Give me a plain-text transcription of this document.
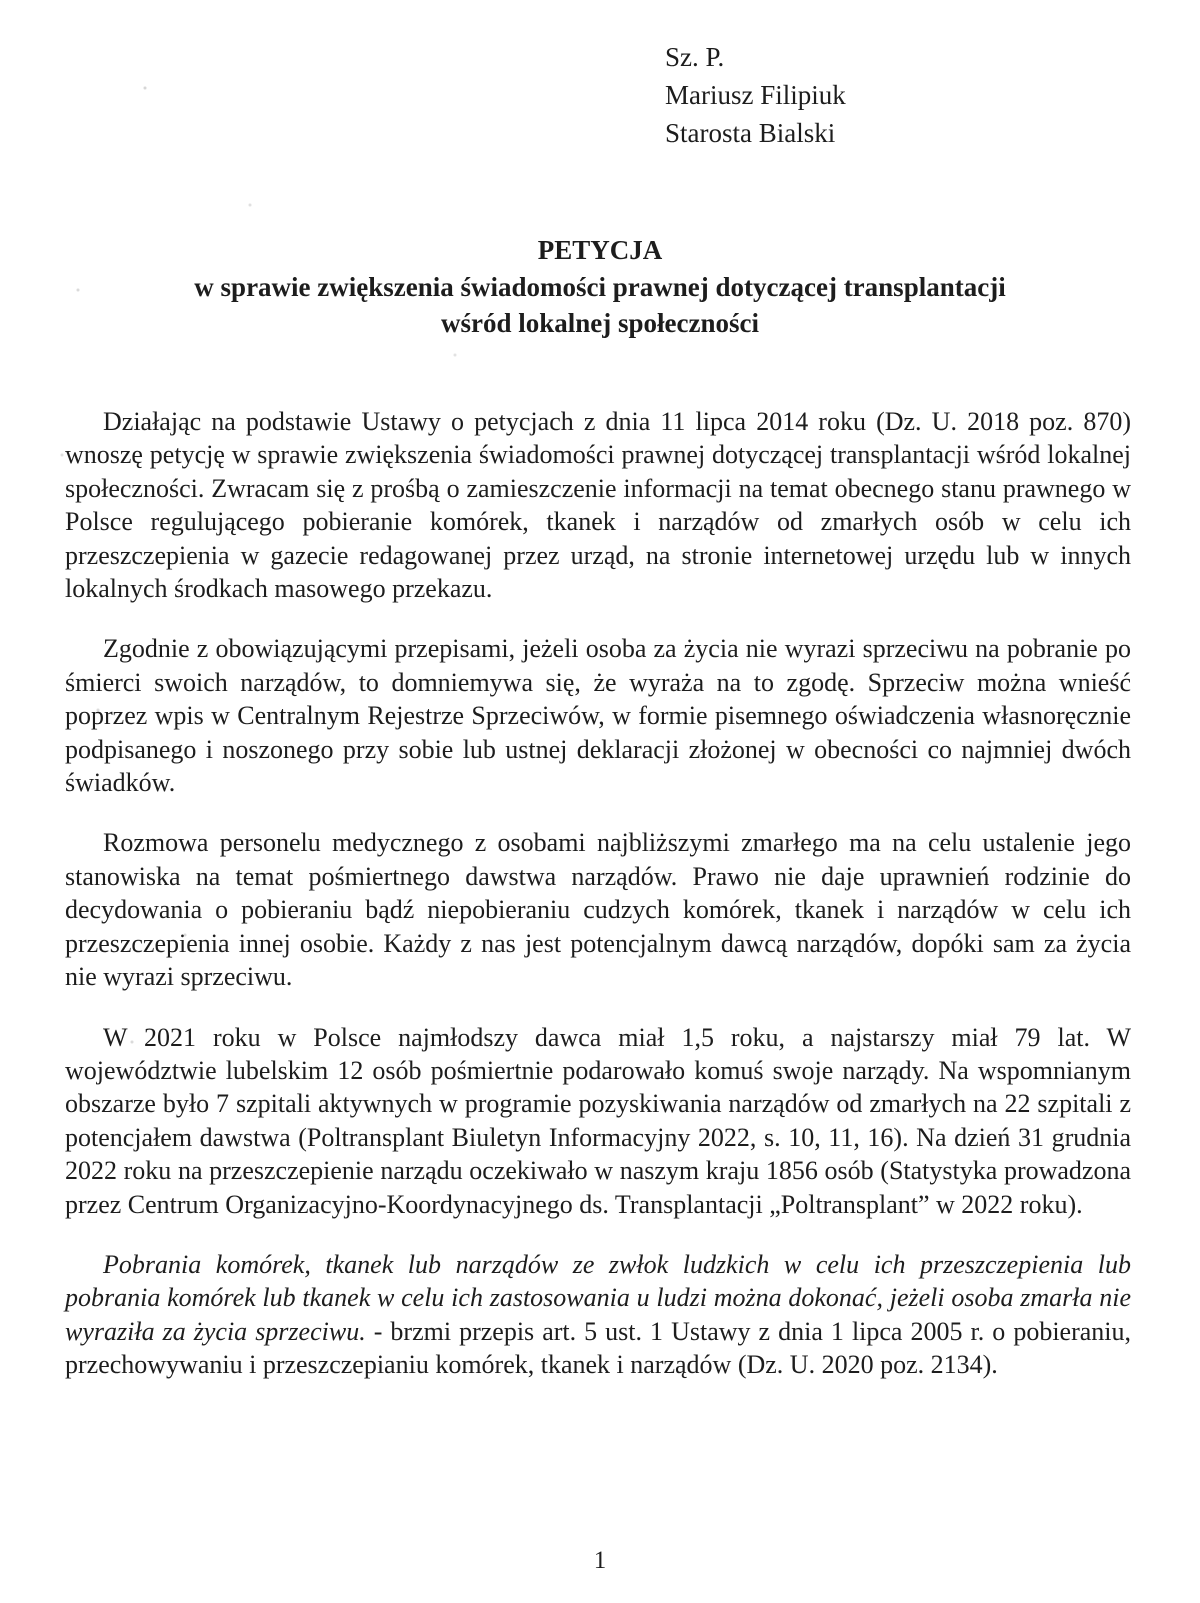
Sz. P.
Mariusz Filipiuk
Starosta Bialski
PETYCJA
w sprawie zwiększenia świadomości prawnej dotyczącej transplantacji
wśród lokalnej społeczności

Działając na podstawie Ustawy o petycjach z dnia 11 lipca 2014 roku (Dz. U. 2018 poz. 870) wnoszę petycję w sprawie zwiększenia świadomości prawnej dotyczącej transplantacji wśród lokalnej społeczności. Zwracam się z prośbą o zamieszczenie informacji na temat obecnego stanu prawnego w Polsce regulującego pobieranie komórek, tkanek i narządów od zmarłych osób w celu ich przeszczepienia w gazecie redagowanej przez urząd, na stronie internetowej urzędu lub w innych lokalnych środkach masowego przekazu.

Zgodnie z obowiązującymi przepisami, jeżeli osoba za życia nie wyrazi sprzeciwu na pobranie po śmierci swoich narządów, to domniemywa się, że wyraża na to zgodę. Sprzeciw można wnieść poprzez wpis w Centralnym Rejestrze Sprzeciwów, w formie pisemnego oświadczenia własnoręcznie podpisanego i noszonego przy sobie lub ustnej deklaracji złożonej w obecności co najmniej dwóch świadków.

Rozmowa personelu medycznego z osobami najbliższymi zmarłego ma na celu ustalenie jego stanowiska na temat pośmiertnego dawstwa narządów. Prawo nie daje uprawnień rodzinie do decydowania o pobieraniu bądź niepobieraniu cudzych komórek, tkanek i narządów w celu ich przeszczepienia innej osobie. Każdy z nas jest potencjalnym dawcą narządów, dopóki sam za życia nie wyrazi sprzeciwu.

W 2021 roku w Polsce najmłodszy dawca miał 1,5 roku, a najstarszy miał 79 lat. W województwie lubelskim 12 osób pośmiertnie podarowało komuś swoje narządy. Na wspomnianym obszarze było 7 szpitali aktywnych w programie pozyskiwania narządów od zmarłych na 22 szpitali z potencjałem dawstwa (Poltransplant Biuletyn Informacyjny 2022, s. 10, 11, 16). Na dzień 31 grudnia 2022 roku na przeszczepienie narządu oczekiwało w naszym kraju 1856 osób (Statystyka prowadzona przez Centrum Organizacyjno-Koordynacyjnego ds. Transplantacji „Poltransplant” w 2022 roku).

Pobrania komórek, tkanek lub narządów ze zwłok ludzkich w celu ich przeszczepienia lub pobrania komórek lub tkanek w celu ich zastosowania u ludzi można dokonać, jeżeli osoba zmarła nie wyraziła za życia sprzeciwu. - brzmi przepis art. 5 ust. 1 Ustawy z dnia 1 lipca 2005 r. o pobieraniu, przechowywaniu i przeszczepianiu komórek, tkanek i narządów (Dz. U. 2020 poz. 2134).

1
